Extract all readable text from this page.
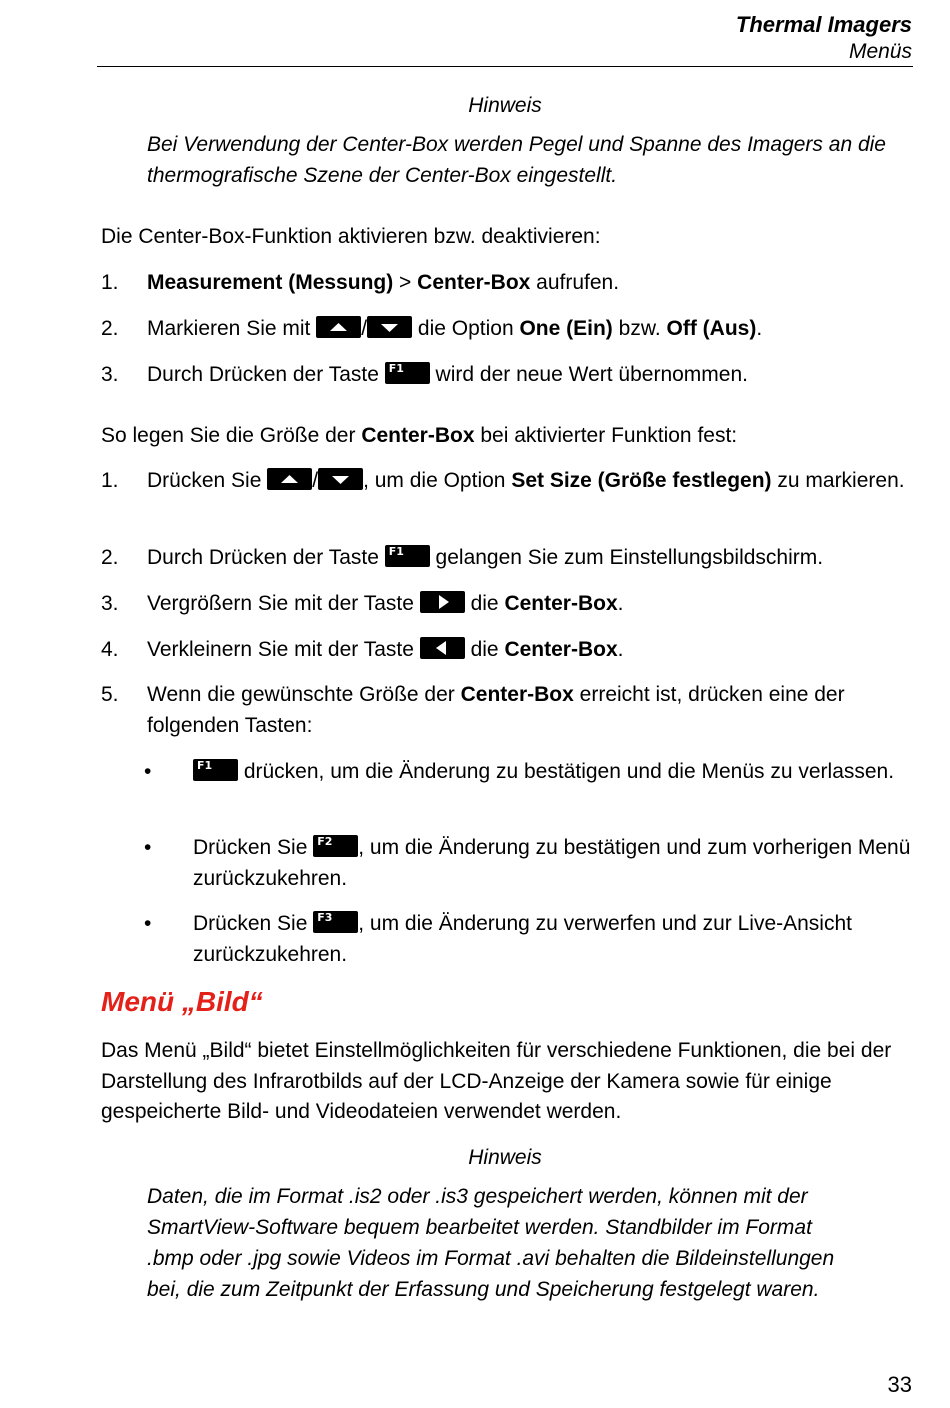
Thermal Imagers
Menüs
Hinweis
Bei Verwendung der Center-Box werden Pegel und Spanne des Imagers an die thermografische Szene der Center-Box eingestellt.
Die Center-Box-Funktion aktivieren bzw. deaktivieren:
1. Measurement (Messung) > Center-Box aufrufen.
2. Markieren Sie mit
/
die Option One (Ein) bzw. Off (Aus).
3. Durch Drücken der Taste F1 wird der neue Wert übernommen.
So legen Sie die Größe der Center-Box bei aktivierter Funktion fest:
1. Drücken Sie
/ , um die Option Set Size (Größe festlegen) zu markieren.
2. Durch Drücken der Taste F1 gelangen Sie zum Einstellungsbildschirm.
3. Vergrößern Sie mit der Taste
die Center-Box.
4. Verkleinern Sie mit der Taste
die Center-Box.
5. Wenn die gewünschte Größe der Center-Box erreicht ist, drücken eine der folgenden Tasten:
•	F1 drücken, um die Änderung zu bestätigen und die Menüs zu verlassen.
• Drücken Sie F2 , um die Änderung zu bestätigen und zum vorherigen Menü zurückzukehren.
• Drücken Sie F3 , um die Änderung zu verwerfen und zur Live-Ansicht zurückzukehren.
Menü „Bild“
Das Menü „Bild“ bietet Einstellmöglichkeiten für verschiedene Funktionen, die bei der Darstellung des Infrarotbilds auf der LCD-Anzeige der Kamera sowie für einige gespeicherte Bild- und Videodateien verwendet werden.
Hinweis
Daten, die im Format .is2 oder .is3 gespeichert werden, können mit der SmartView-Software bequem bearbeitet werden. Standbilder im Format .bmp oder .jpg sowie Videos im Format .avi behalten die Bildeinstellungen bei, die zum Zeitpunkt der Erfassung und Speicherung festgelegt waren.
33
